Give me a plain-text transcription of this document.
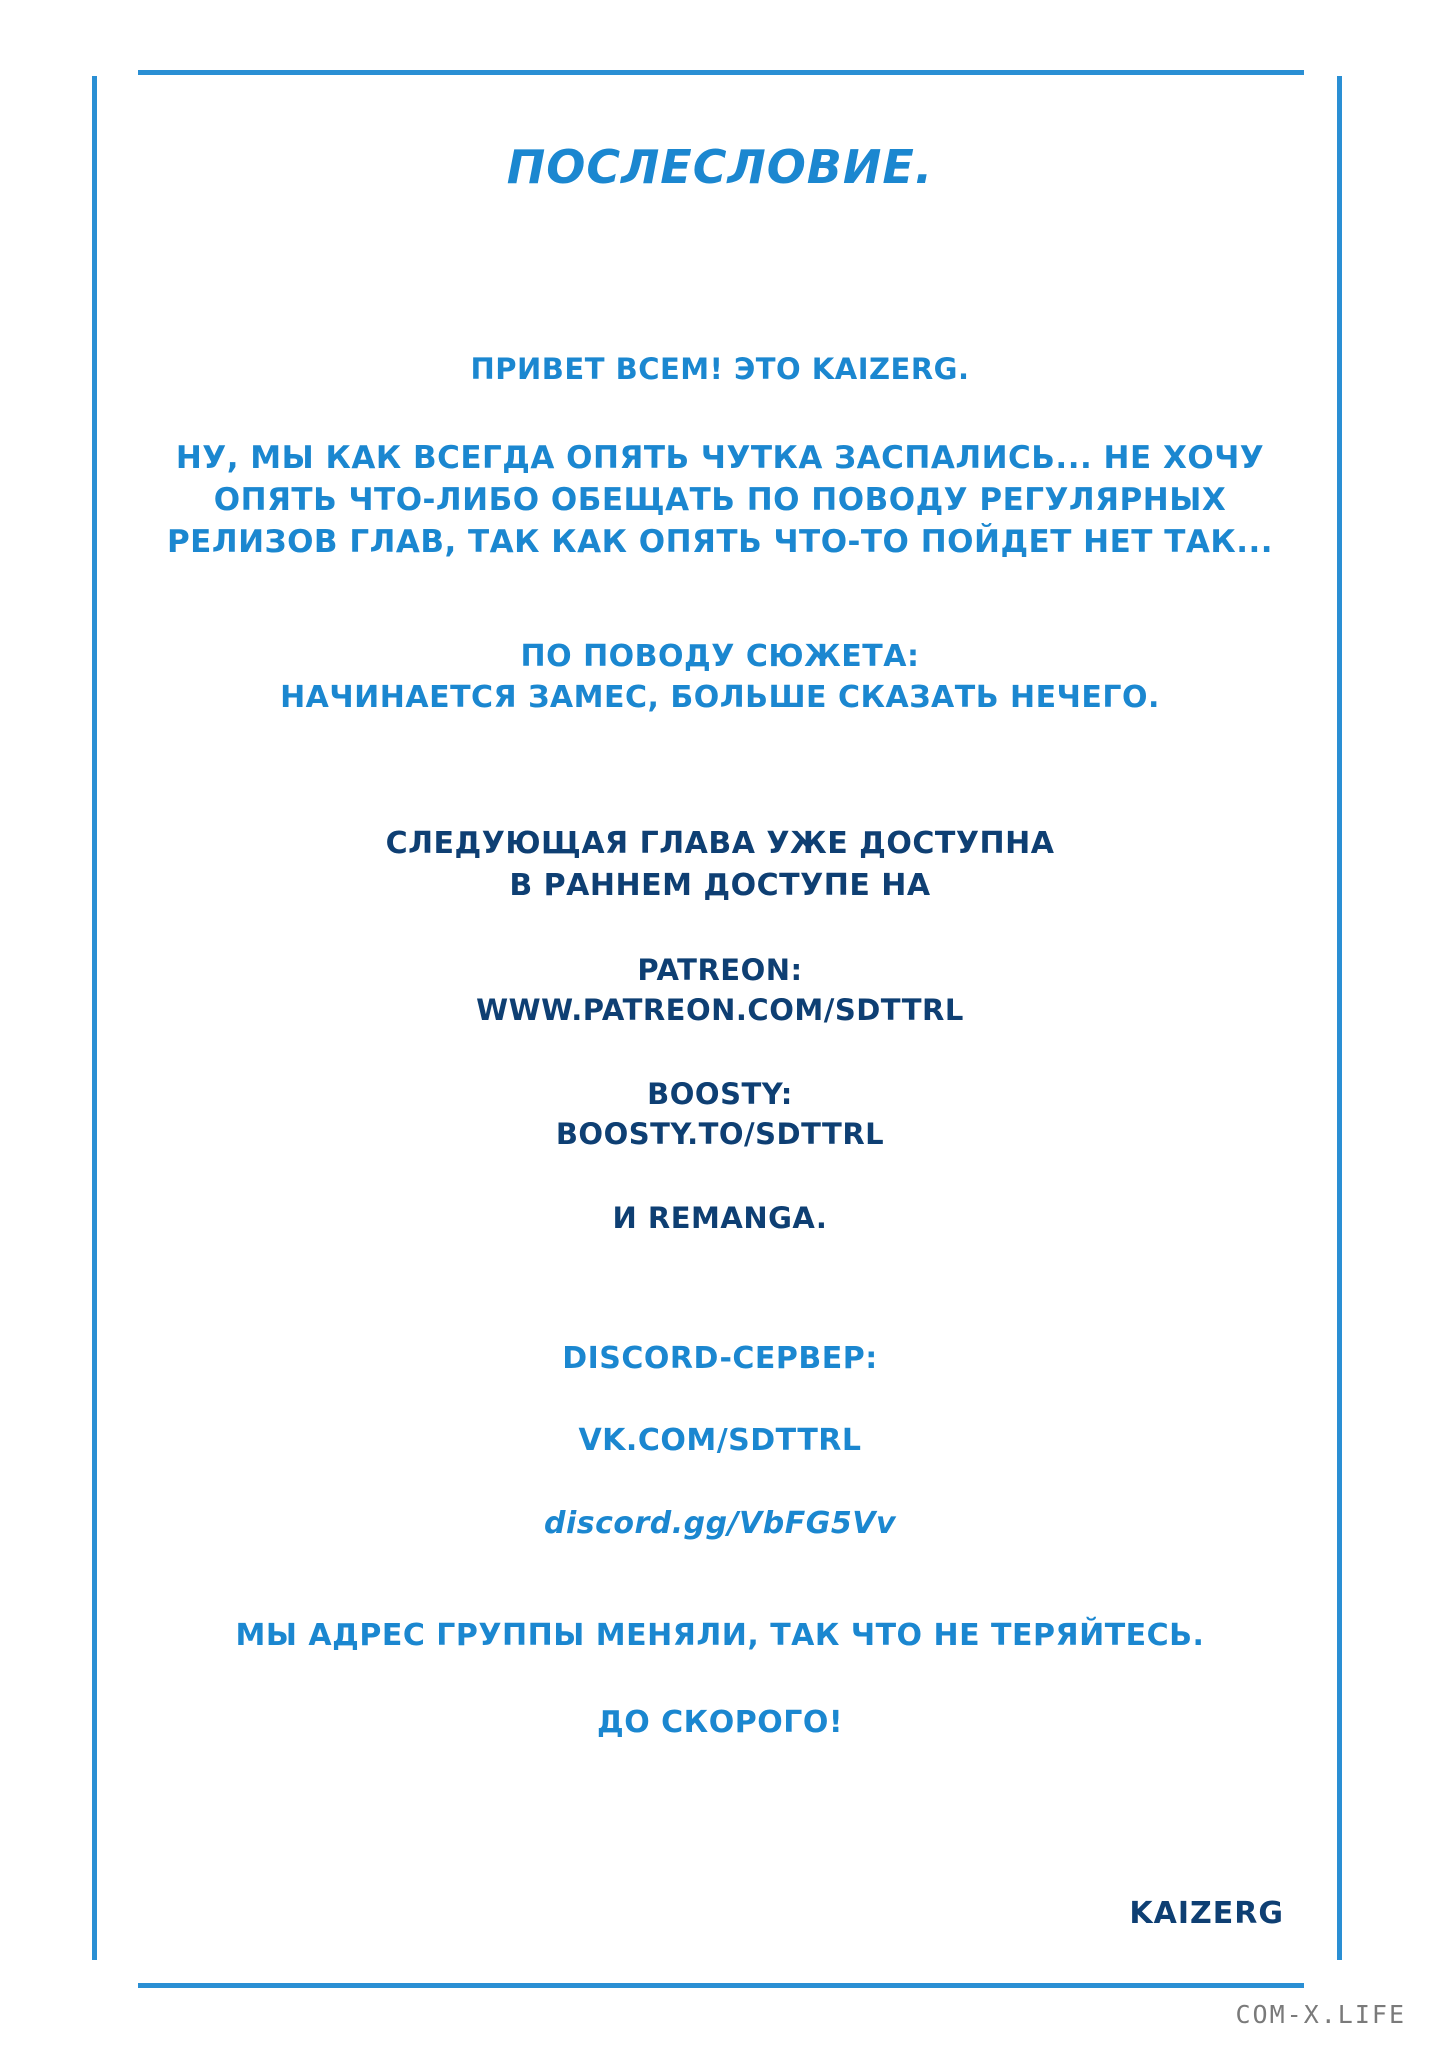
ПОСЛЕСЛОВИЕ.
ПРИВЕТ ВСЕМ! ЭТО KAIZERG.
НУ, МЫ КАК ВСЕГДА ОПЯТЬ ЧУТКА ЗАСПАЛИСЬ... НЕ ХОЧУ
ОПЯТЬ ЧТО-ЛИБО ОБЕЩАТЬ ПО ПОВОДУ РЕГУЛЯРНЫХ
РЕЛИЗОВ ГЛАВ, ТАК КАК ОПЯТЬ ЧТО-ТО ПОЙДЕТ НЕТ ТАК...
ПО ПОВОДУ СЮЖЕТА:
НАЧИНАЕТСЯ ЗАМЕС, БОЛЬШЕ СКАЗАТЬ НЕЧЕГО.
СЛЕДУЮЩАЯ ГЛАВА УЖЕ ДОСТУПНА
В РАННЕМ ДОСТУПЕ НА
PATREON:
WWW.PATREON.COM/SDTTRL
BOOSTY:
BOOSTY.TO/SDTTRL
И REMANGA.
DISCORD-СЕРВЕР:
VK.COM/SDTTRL
discord.gg/VbFG5Vv
МЫ АДРЕС ГРУППЫ МЕНЯЛИ, ТАК ЧТО НЕ ТЕРЯЙТЕСЬ.
ДО СКОРОГО!
KAIZERG
COM-X.LIFE
